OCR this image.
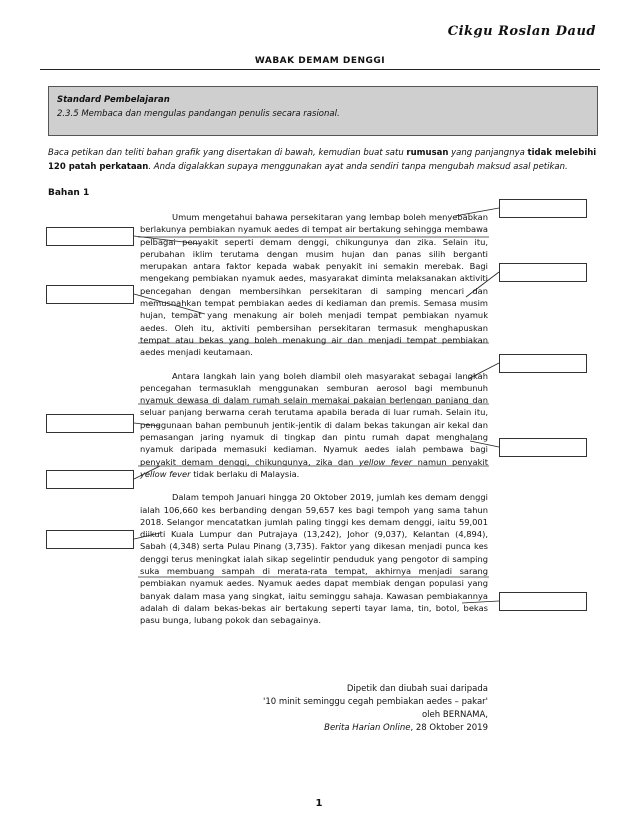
Cikgu Roslan Daud
WABAK DEMAM DENGGI
Standard Pembelajaran
2.3.5 Membaca dan mengulas pandangan penulis secara rasional.
Baca petikan dan teliti bahan grafik yang disertakan di bawah, kemudian buat satu rumusan yang panjangnya tidak melebihi 120 patah perkataan. Anda digalakkan supaya menggunakan ayat anda sendiri tanpa mengubah maksud asal petikan.
Bahan 1

Umum mengetahui bahawa persekitaran yang lembap boleh menyebabkan berlakunya pembiakan nyamuk aedes di tempat air bertakung sehingga membawa pelbagai penyakit seperti demam denggi, chikungunya dan zika. Selain itu, perubahan iklim terutama dengan musim hujan dan panas silih berganti merupakan antara faktor kepada wabak penyakit ini semakin merebak. Bagi mengekang pembiakan nyamuk aedes, masyarakat diminta melaksanakan aktiviti pencegahan dengan membersihkan persekitaran di samping mencari dan memusnahkan tempat pembiakan aedes di kediaman dan premis. Semasa musim hujan, tempat yang menakung air boleh menjadi tempat pembiakan nyamuk aedes. Oleh itu, aktiviti pembersihan persekitaran termasuk menghapuskan tempat atau bekas yang boleh menakung air dan menjadi tempat pembiakan aedes menjadi keutamaan.

Antara langkah lain yang boleh diambil oleh masyarakat sebagai langkah pencegahan termasuklah menggunakan semburan aerosol bagi membunuh nyamuk dewasa di dalam rumah selain memakai pakaian berlengan panjang dan seluar panjang berwarna cerah terutama apabila berada di luar rumah. Selain itu, penggunaan bahan pembunuh jentik-jentik di dalam bekas takungan air kekal dan pemasangan jaring nyamuk di tingkap dan pintu rumah dapat menghalang nyamuk daripada memasuki kediaman. Nyamuk aedes ialah pembawa bagi penyakit demam denggi, chikungunya, zika dan yellow fever namun penyakit yellow fever tidak berlaku di Malaysia.

Dalam tempoh Januari hingga 20 Oktober 2019, jumlah kes demam denggi ialah 106,660 kes berbanding dengan 59,657 kes bagi tempoh yang sama tahun 2018. Selangor mencatatkan jumlah paling tinggi kes demam denggi, iaitu 59,001 diikuti Kuala Lumpur dan Putrajaya (13,242), Johor (9,037), Kelantan (4,894), Sabah (4,348) serta Pulau Pinang (3,735). Faktor yang dikesan menjadi punca kes denggi terus meningkat ialah sikap segelintir penduduk yang pengotor di samping suka membuang sampah di merata-rata tempat, akhirnya menjadi sarang pembiakan nyamuk aedes. Nyamuk aedes dapat membiak dengan populasi yang banyak dalam masa yang singkat, iaitu seminggu sahaja. Kawasan pembiakannya adalah di dalam bekas-bekas air bertakung seperti tayar lama, tin, botol, bekas pasu bunga, lubang pokok dan sebagainya.

Dipetik dan diubah suai daripada
'10 minit seminggu cegah pembiakan aedes – pakar'
oleh BERNAMA,
Berita Harian Online, 28 Oktober 2019
1
